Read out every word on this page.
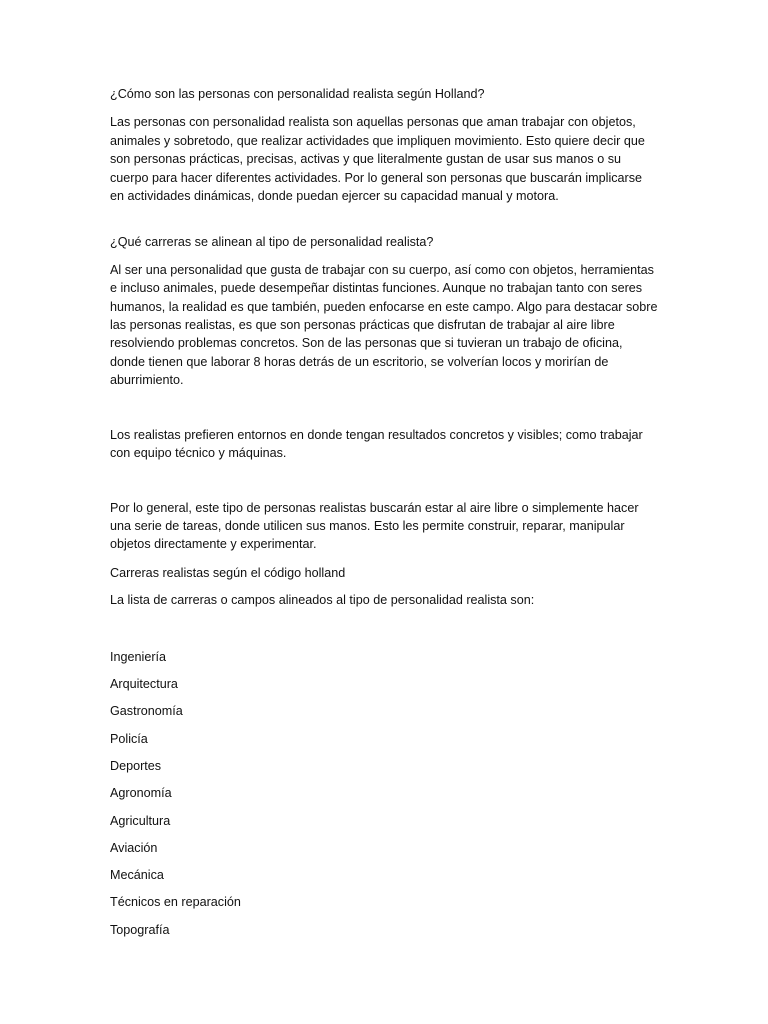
¿Cómo son las personas con personalidad realista según Holland?

Las personas con personalidad realista son aquellas personas que aman trabajar con objetos, animales y sobretodo, que realizar actividades que impliquen movimiento. Esto quiere decir que son personas prácticas, precisas, activas y que literalmente gustan de usar sus manos o su cuerpo para hacer diferentes actividades. Por lo general son personas que buscarán implicarse en actividades dinámicas, donde puedan ejercer su capacidad manual y motora.

¿Qué carreras se alinean al tipo de personalidad realista?

Al ser una personalidad que gusta de trabajar con su cuerpo, así como con objetos, herramientas e incluso animales, puede desempeñar distintas funciones. Aunque no trabajan tanto con seres humanos, la realidad es que también, pueden enfocarse en este campo. Algo para destacar sobre las personas realistas, es que son personas prácticas que disfrutan de trabajar al aire libre resolviendo problemas concretos. Son de las personas que si tuvieran un trabajo de oficina, donde tienen que laborar 8 horas detrás de un escritorio, se volverían locos y morirían de aburrimiento.

Los realistas prefieren entornos en donde tengan resultados concretos y visibles; como trabajar con equipo técnico y máquinas.

Por lo general, este tipo de personas realistas buscarán estar al aire libre o simplemente hacer una serie de tareas, donde utilicen sus manos. Esto les permite construir, reparar, manipular objetos directamente y experimentar.

Carreras realistas según el código holland

La lista de carreras o campos alineados al tipo de personalidad realista son:

Ingeniería
Arquitectura
Gastronomía
Policía
Deportes
Agronomía
Agricultura
Aviación
Mecánica
Técnicos en reparación
Topografía
